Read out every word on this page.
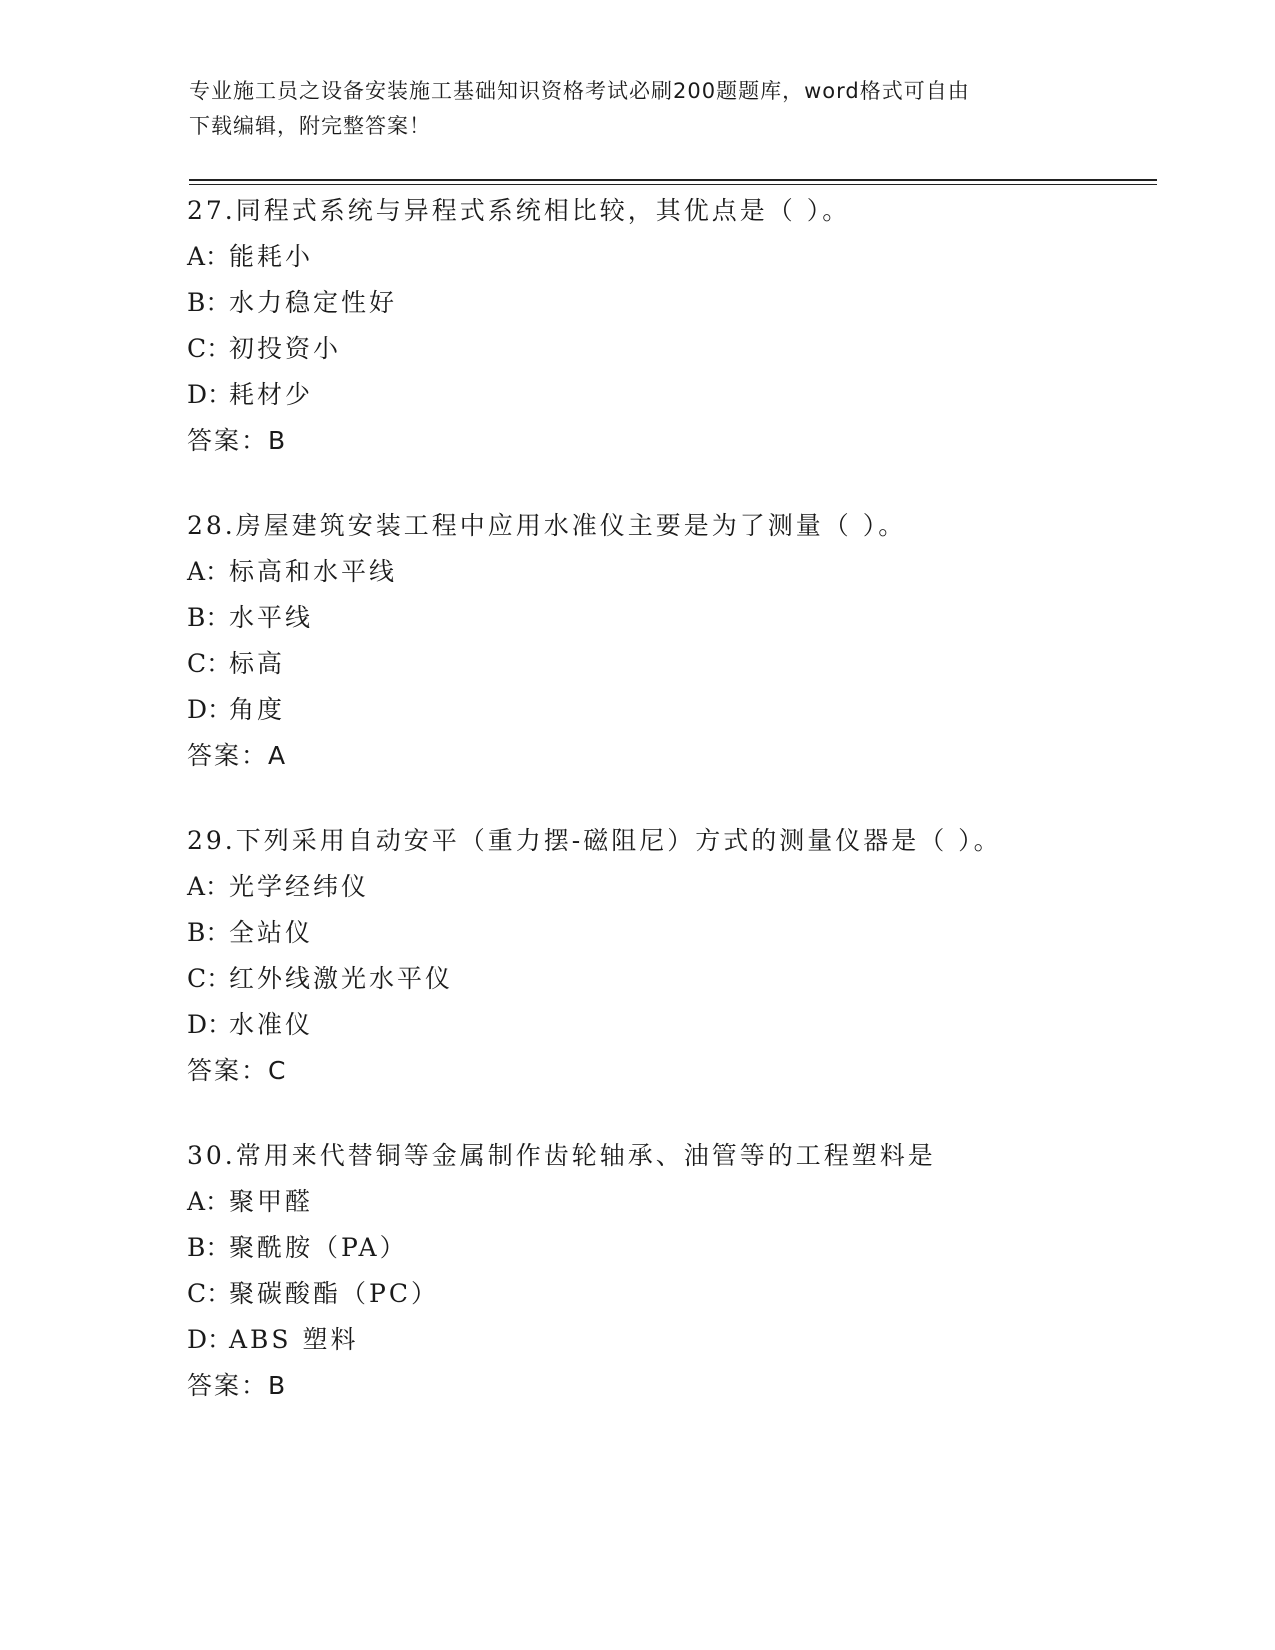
专业施工员之设备安装施工基础知识资格考试必刷200题题库，word格式可自由
下载编辑，附完整答案！
27.同程式系统与异程式系统相比较，其优点是（ ）。
A：能耗小
B：水力稳定性好
C：初投资小
D：耗材少
答案：B
28.房屋建筑安装工程中应用水准仪主要是为了测量（ ）。
A：标高和水平线
B：水平线
C：标高
D：角度
答案：A
29.下列采用自动安平（重力摆-磁阻尼）方式的测量仪器是（ ）。
A：光学经纬仪
B：全站仪
C：红外线激光水平仪
D：水准仪
答案：C
30.常用来代替铜等金属制作齿轮轴承、油管等的工程塑料是
A：聚甲醛
B：聚酰胺（PA）
C：聚碳酸酯（PC）
D：ABS 塑料
答案：B
